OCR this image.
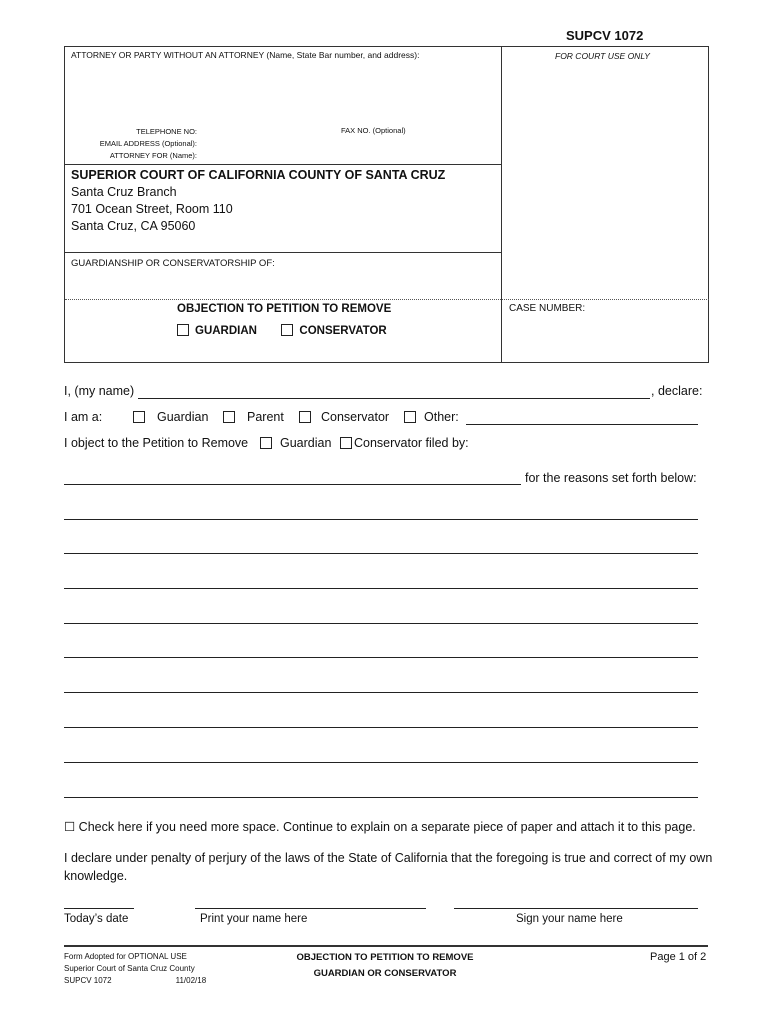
SUPCV 1072
ATTORNEY OR PARTY WITHOUT AN ATTORNEY (Name, State Bar number, and address):	FOR COURT USE ONLY
TELEPHONE NO:
EMAIL ADDRESS (Optional):
ATTORNEY FOR (Name):
FAX NO. (Optional)
SUPERIOR COURT OF CALIFORNIA COUNTY OF SANTA CRUZ
Santa Cruz Branch
701 Ocean Street, Room 110
Santa Cruz, CA 95060
GUARDIANSHIP OR CONSERVATORSHIP OF:
OBJECTION TO PETITION TO REMOVE
GUARDIAN	CONSERVATOR
CASE NUMBER:
I, (my name)	, declare:
I am a:	Guardian	Parent	Conservator	Other:
I object to the Petition to Remove	Guardian	Conservator filed by:
for the reasons set forth below:
☐ Check here if you need more space. Continue to explain on a separate piece of paper and attach it to this page.
I declare under penalty of perjury of the laws of the State of California that the foregoing is true and correct of my own knowledge.
Today’s date	Print your name here	Sign your name here
Form Adopted for OPTIONAL USE
Superior Court of Santa Cruz County
SUPCV 1072	11/02/18
OBJECTION TO PETITION TO REMOVE
GUARDIAN OR CONSERVATOR
Page 1 of 2
